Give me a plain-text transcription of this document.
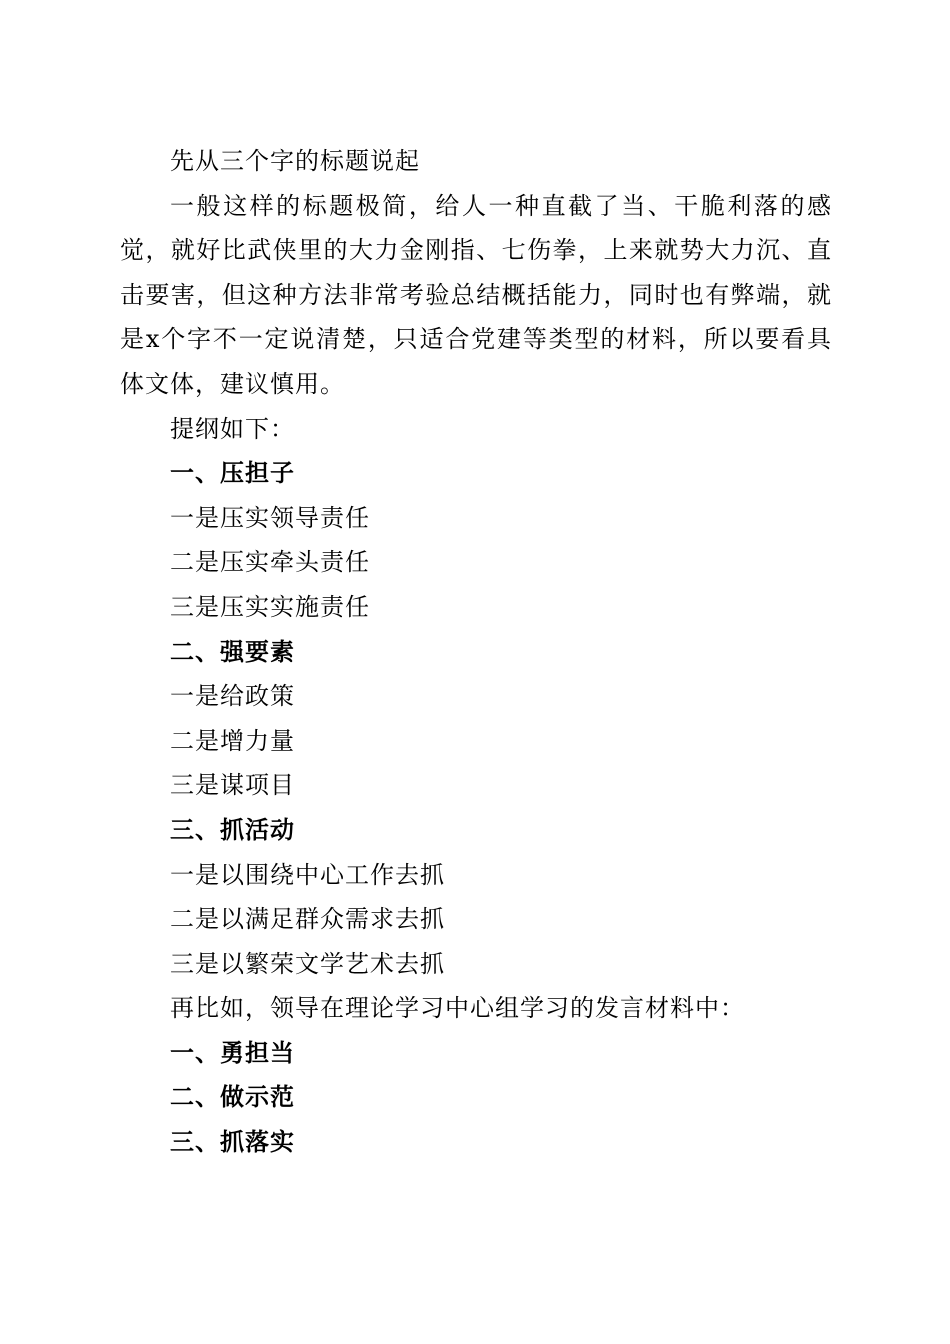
先从三个字的标题说起

一般这样的标题极简，给人一种直截了当、干脆利落的感觉，就好比武侠里的大力金刚指、七伤拳，上来就势大力沉、直击要害，但这种方法非常考验总结概括能力，同时也有弊端，就是x个字不一定说清楚，只适合党建等类型的材料，所以要看具体文体，建议慎用。

提纲如下：

一、压担子

一是压实领导责任

二是压实牵头责任

三是压实实施责任

二、强要素

一是给政策

二是增力量

三是谋项目

三、抓活动

一是以围绕中心工作去抓

二是以满足群众需求去抓

三是以繁荣文学艺术去抓

再比如，领导在理论学习中心组学习的发言材料中：

一、勇担当

二、做示范

三、抓落实
